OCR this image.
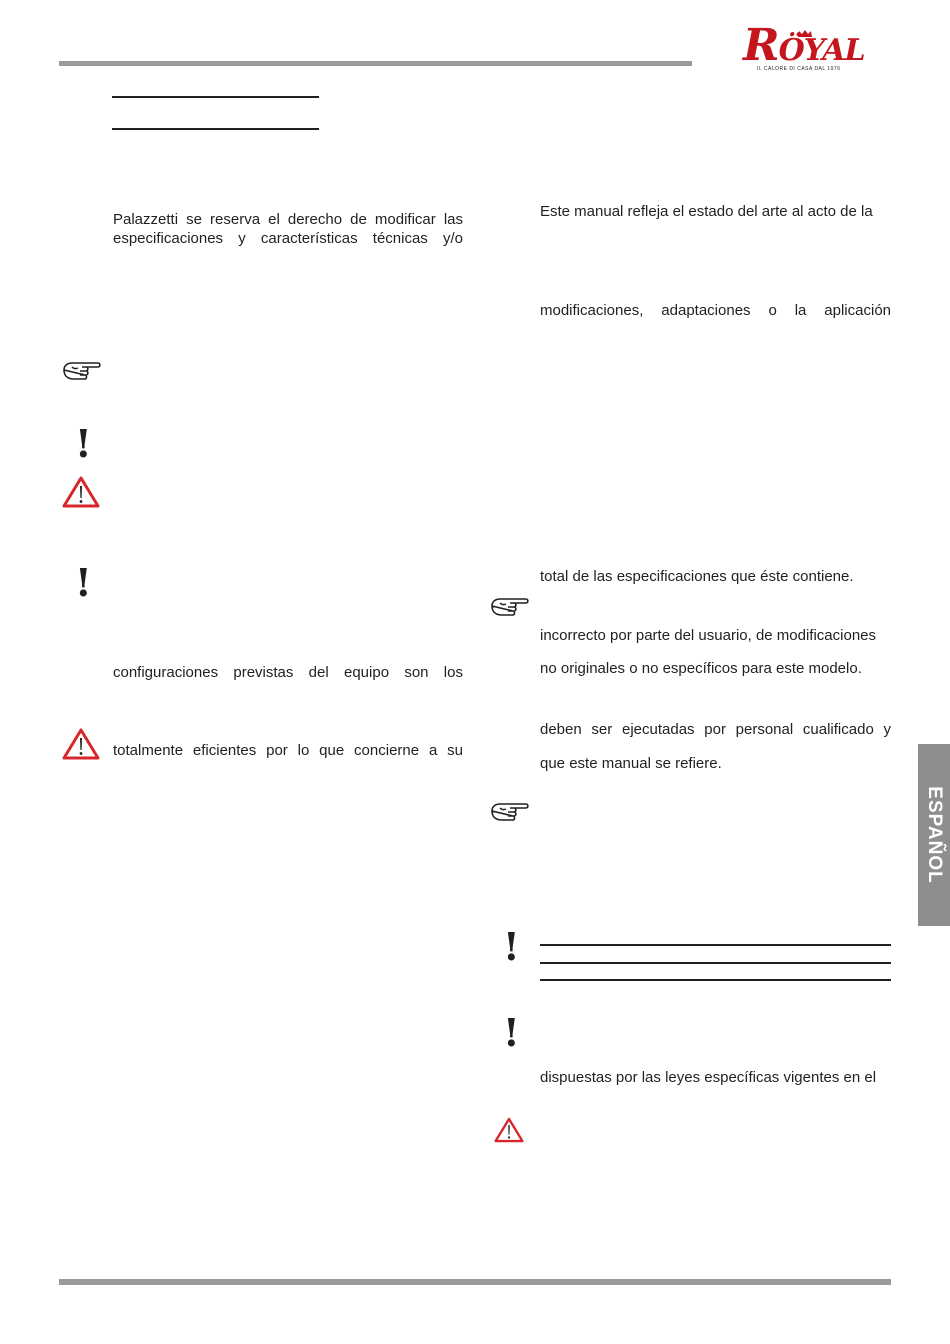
RÖYAL
IL CALORE DI CASA DAL 1976
Palazzetti se reserva el derecho de modificar las
especificaciones y características técnicas y/o
configuraciones previstas del equipo son los
totalmente eficientes por lo que concierne a su
!
!
Este manual refleja el estado del arte al acto de la
modificaciones, adaptaciones o la aplicación
total de las especificaciones que éste contiene.
incorrecto por parte del usuario, de modificaciones
no originales o no específicos para este modelo.
deben ser ejecutadas por personal cualificado y
que este manual se refiere.
dispuestas por las leyes específicas vigentes en el
!
!
ESPAÑOL
